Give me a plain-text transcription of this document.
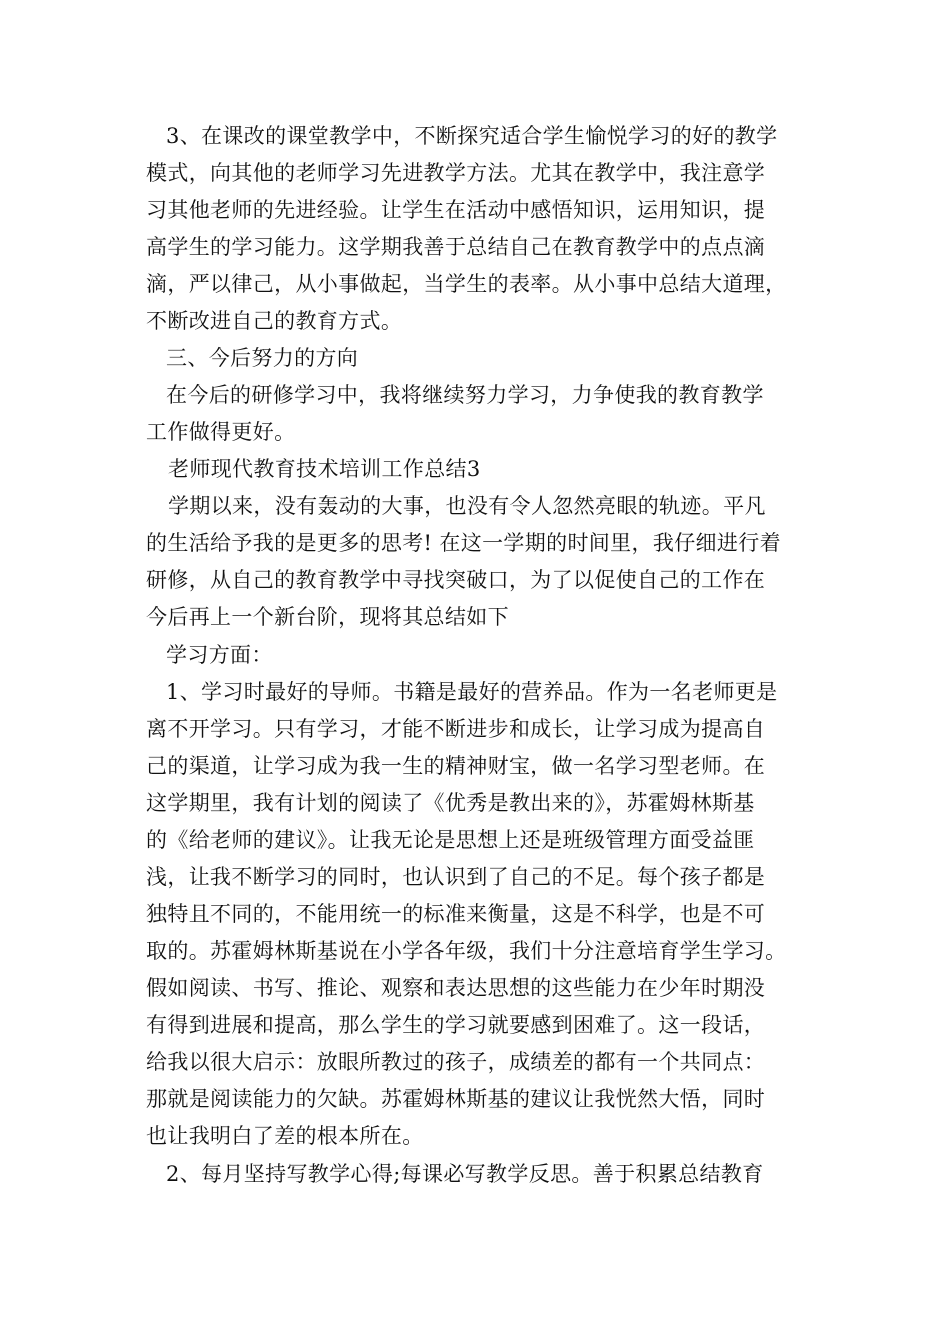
3、在课改的课堂教学中，不断探究适合学生愉悦学习的好的教学
模式，向其他的老师学习先进教学方法。尤其在教学中，我注意学
习其他老师的先进经验。让学生在活动中感悟知识，运用知识，提
高学生的学习能力。这学期我善于总结自己在教育教学中的点点滴
滴，严以律己，从小事做起，当学生的表率。从小事中总结大道理，
不断改进自己的教育方式。
三、今后努力的方向
在今后的研修学习中，我将继续努力学习，力争使我的教育教学
工作做得更好。
老师现代教育技术培训工作总结3
学期以来，没有轰动的大事，也没有令人忽然亮眼的轨迹。平凡
的生活给予我的是更多的思考! 在这一学期的时间里，我仔细进行着
研修，从自己的教育教学中寻找突破口，为了以促使自己的工作在
今后再上一个新台阶，现将其总结如下
学习方面：
1、学习时最好的导师。书籍是最好的营养品。作为一名老师更是
离不开学习。只有学习，才能不断进步和成长，让学习成为提高自
己的渠道，让学习成为我一生的精神财宝，做一名学习型老师。在
这学期里，我有计划的阅读了《优秀是教出来的》，苏霍姆林斯基
的《给老师的建议》。让我无论是思想上还是班级管理方面受益匪
浅，让我不断学习的同时，也认识到了自己的不足。每个孩子都是
独特且不同的，不能用统一的标准来衡量，这是不科学，也是不可
取的。苏霍姆林斯基说在小学各年级，我们十分注意培育学生学习。
假如阅读、书写、推论、观察和表达思想的这些能力在少年时期没
有得到进展和提高，那么学生的学习就要感到困难了。这一段话，
给我以很大启示：放眼所教过的孩子，成绩差的都有一个共同点：
那就是阅读能力的欠缺。苏霍姆林斯基的建议让我恍然大悟，同时
也让我明白了差的根本所在。
2、每月坚持写教学心得;每课必写教学反思。善于积累总结教育
